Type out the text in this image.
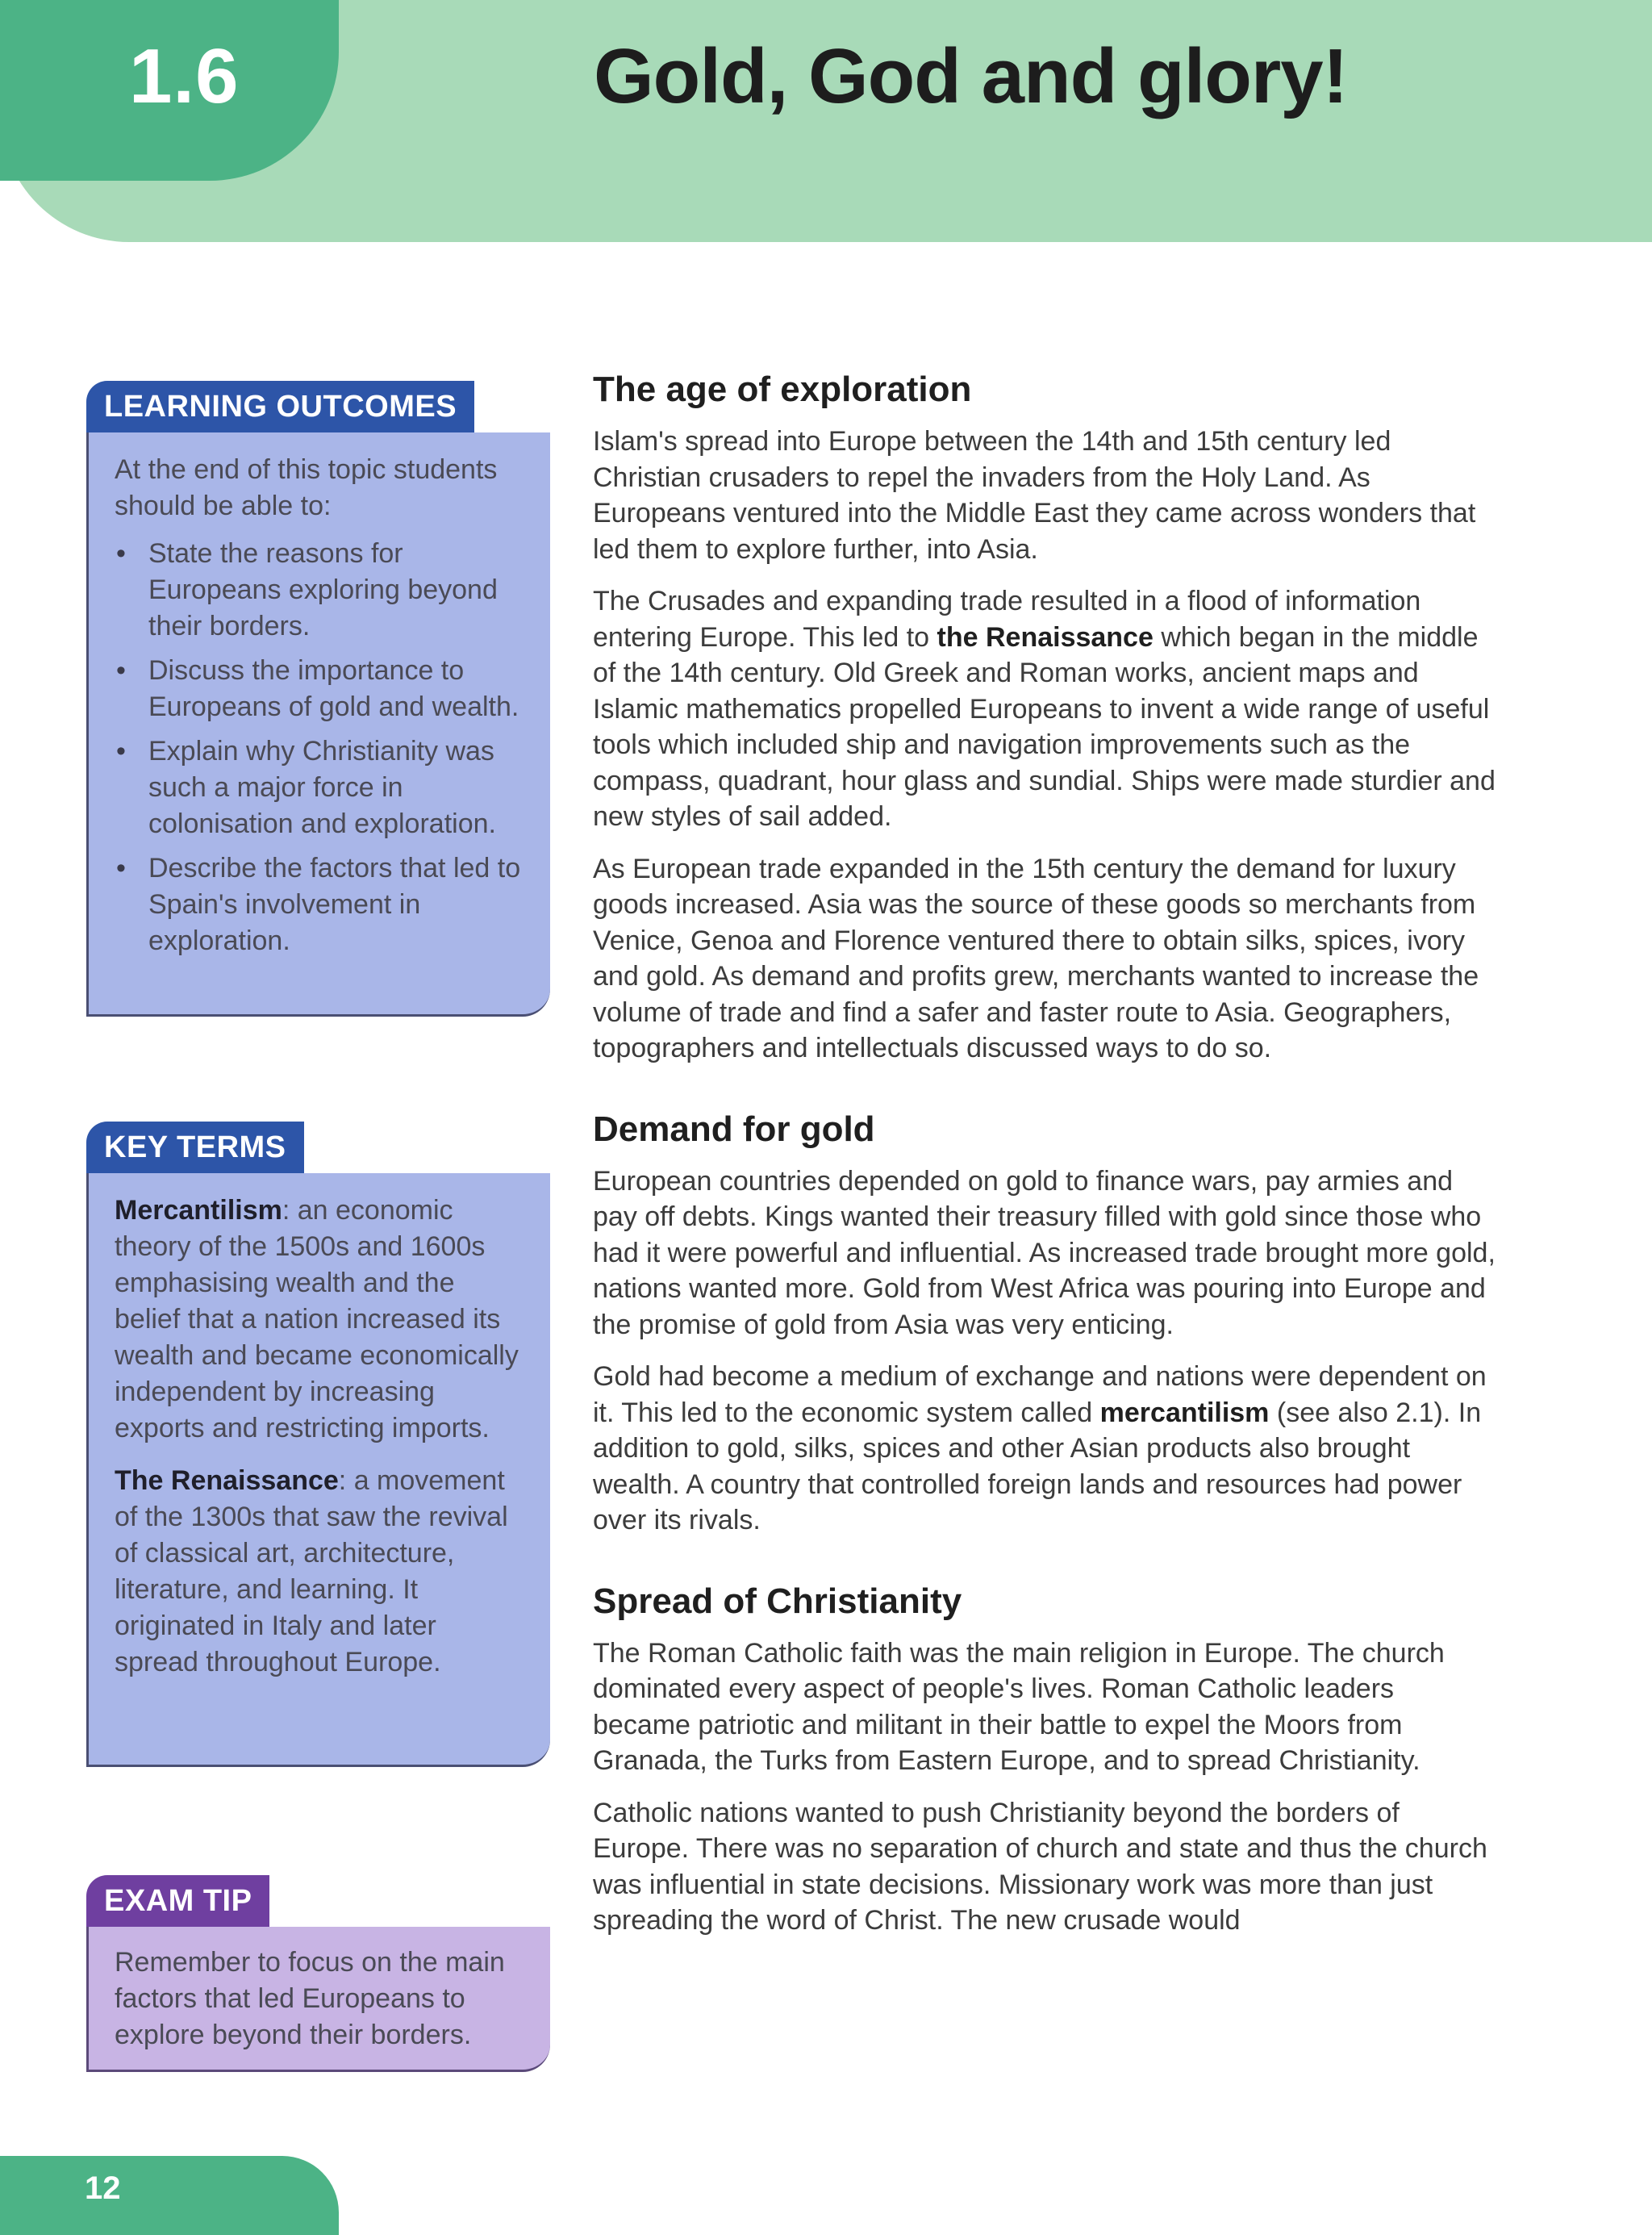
1.6	Gold, God and glory!
LEARNING OUTCOMES

At the end of this topic students should be able to:

• State the reasons for Europeans exploring beyond their borders.
• Discuss the importance to Europeans of gold and wealth.
• Explain why Christianity was such a major force in colonisation and exploration.
• Describe the factors that led to Spain's involvement in exploration.
KEY TERMS

Mercantilism: an economic theory of the 1500s and 1600s emphasising wealth and the belief that a nation increased its wealth and became economically independent by increasing exports and restricting imports.

The Renaissance: a movement of the 1300s that saw the revival of classical art, architecture, literature, and learning. It originated in Italy and later spread throughout Europe.

EXAM TIP

Remember to focus on the main factors that led Europeans to explore beyond their borders.

The age of exploration

Islam's spread into Europe between the 14th and 15th century led Christian crusaders to repel the invaders from the Holy Land. As Europeans ventured into the Middle East they came across wonders that led them to explore further, into Asia.

The Crusades and expanding trade resulted in a flood of information entering Europe. This led to the Renaissance which began in the middle of the 14th century. Old Greek and Roman works, ancient maps and Islamic mathematics propelled Europeans to invent a wide range of useful tools which included ship and navigation improvements such as the compass, quadrant, hour glass and sundial. Ships were made sturdier and new styles of sail added.

As European trade expanded in the 15th century the demand for luxury goods increased. Asia was the source of these goods so merchants from Venice, Genoa and Florence ventured there to obtain silks, spices, ivory and gold. As demand and profits grew, merchants wanted to increase the volume of trade and find a safer and faster route to Asia. Geographers, topographers and intellectuals discussed ways to do so.

Demand for gold

European countries depended on gold to finance wars, pay armies and pay off debts. Kings wanted their treasury filled with gold since those who had it were powerful and influential. As increased trade brought more gold, nations wanted more. Gold from West Africa was pouring into Europe and the promise of gold from Asia was very enticing.

Gold had become a medium of exchange and nations were dependent on it. This led to the economic system called mercantilism (see also 2.1). In addition to gold, silks, spices and other Asian products also brought wealth. A country that controlled foreign lands and resources had power over its rivals.

Spread of Christianity

The Roman Catholic faith was the main religion in Europe. The church dominated every aspect of people's lives. Roman Catholic leaders became patriotic and militant in their battle to expel the Moors from Granada, the Turks from Eastern Europe, and to spread Christianity.

Catholic nations wanted to push Christianity beyond the borders of Europe. There was no separation of church and state and thus the church was influential in state decisions. Missionary work was more than just spreading the word of Christ. The new crusade would

12
